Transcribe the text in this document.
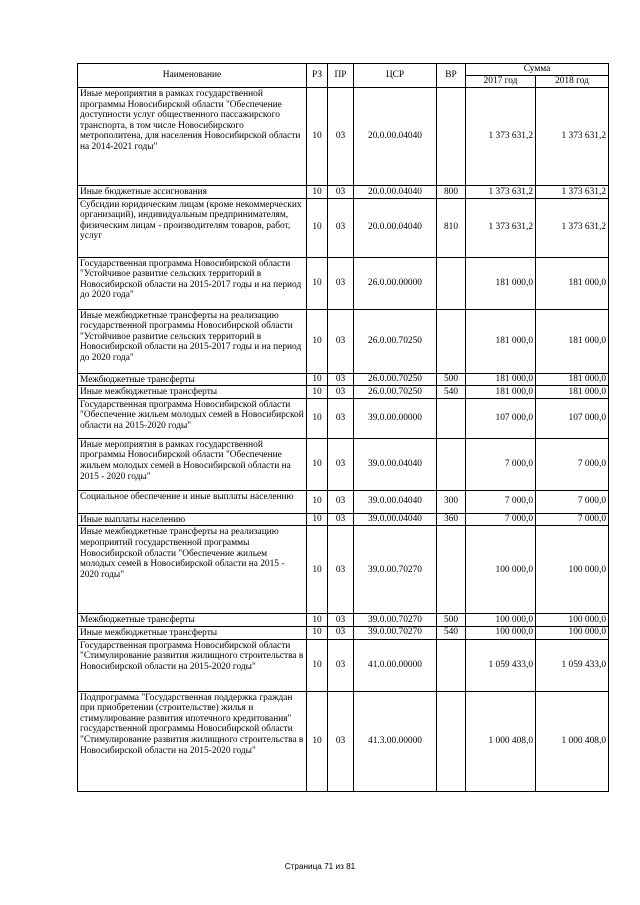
Наименование	РЗ	ПР	ЦСР	ВР	Сумма	
					2017 год	2018 год
Иные мероприятия в рамках государственной программы Новосибирской области "Обеспечение доступности услуг общественного пассажирского транспорта, в том числе Новосибирского метрополитена, для населения Новосибирской области на 2014-2021 годы"	10	03	20.0.00.04040		1 373 631,2	1 373 631,2
Иные бюджетные ассигнования	10	03	20.0.00.04040	800	1 373 631,2	1 373 631,2
Субсидии юридическим лицам (кроме некоммерческих организаций), индивидуальным предпринимателям, физическим лицам - производителям товаров, работ, услуг	10	03	20.0.00.04040	810	1 373 631,2	1 373 631,2
Государственная программа Новосибирской области "Устойчивое развитие сельских территорий в Новосибирской области на 2015-2017 годы и на период до 2020 года"	10	03	26.0.00.00000		181 000,0	181 000,0
Иные межбюджетные трансферты на реализацию государственной программы Новосибирской области "Устойчивое развитие сельских территорий в Новосибирской области на 2015-2017 годы и на период до 2020 года"	10	03	26.0.00.70250		181 000,0	181 000,0
Межбюджетные трансферты	10	03	26.0.00.70250	500	181 000,0	181 000,0
Иные межбюджетные трансферты	10	03	26.0.00.70250	540	181 000,0	181 000,0
Государственная программа Новосибирской области "Обеспечение жильем молодых семей в Новосибирской области на 2015-2020 годы"	10	03	39.0.00.00000		107 000,0	107 000,0
Иные мероприятия в рамках государственной программы Новосибирской области "Обеспечение жильем молодых семей в Новосибирской области на 2015 - 2020 годы"	10	03	39.0.00.04040		7 000,0	7 000,0
Социальное обеспечение и иные выплаты населению	10	03	39.0.00.04040	300	7 000,0	7 000,0
Иные выплаты населению	10	03	39.0.00.04040	360	7 000,0	7 000,0
Иные межбюджетные трансферты на реализацию мероприятий государственной программы Новосибирской области "Обеспечение жильем молодых семей в Новосибирской области на 2015 - 2020 годы"	10	03	39.0.00.70270		100 000,0	100 000,0
Межбюджетные трансферты	10	03	39.0.00.70270	500	100 000,0	100 000,0
Иные межбюджетные трансферты	10	03	39.0.00.70270	540	100 000,0	100 000,0
Государственная программа Новосибирской области "Стимулирование развития жилищного строительства в Новосибирской области на 2015-2020 годы"	10	03	41.0.00.00000		1 059 433,0	1 059 433,0
Подпрограмма "Государственная поддержка граждан при приобретении (строительстве) жилья и стимулирование развития ипотечного кредитования" государственной программы Новосибирской области "Стимулирование развития жилищного строительства в Новосибирской области на 2015-2020 годы"	10	03	41.3.00.00000		1 000 408,0	1 000 408,0
Страница 71 из 81
